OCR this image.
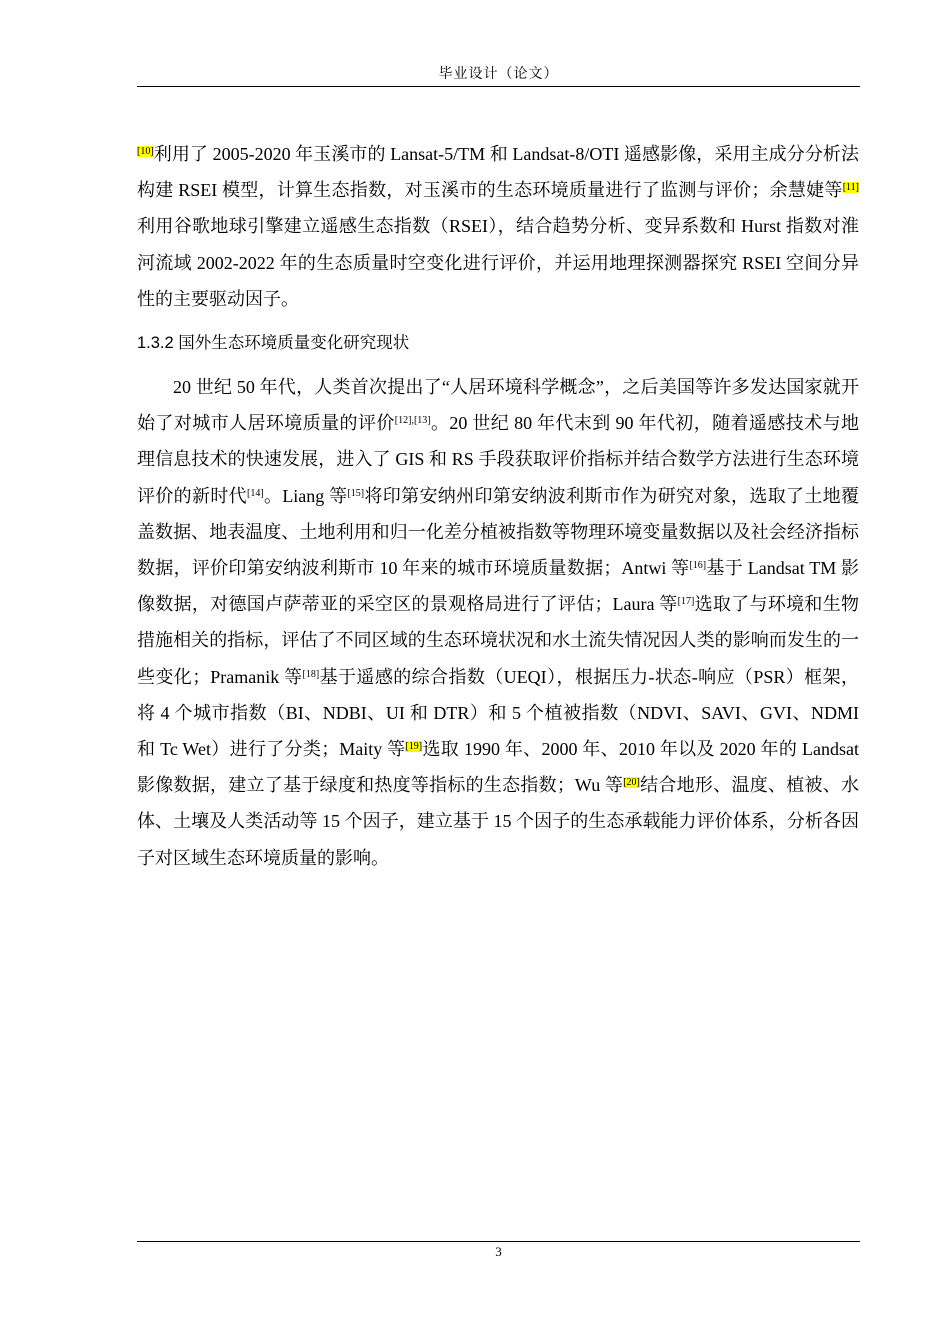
毕业设计（论文）

[10]利用了 2005-2020 年玉溪市的 Lansat-5/TM 和 Landsat-8/OTI 遥感影像，采用主成分分析法构建 RSEI 模型，计算生态指数，对玉溪市的生态环境质量进行了监测与评价；余慧婕等[11]利用谷歌地球引擎建立遥感生态指数（RSEI），结合趋势分析、变异系数和 Hurst 指数对淮河流域 2002-2022 年的生态质量时空变化进行评价，并运用地理探测器探究 RSEI 空间分异性的主要驱动因子。

1.3.2 国外生态环境质量变化研究现状

20 世纪 50 年代，人类首次提出了“人居环境科学概念”，之后美国等许多发达国家就开始了对城市人居环境质量的评价[12],[13]。20 世纪 80 年代末到 90 年代初，随着遥感技术与地理信息技术的快速发展，进入了 GIS 和 RS 手段获取评价指标并结合数学方法进行生态环境评价的新时代[14]。Liang 等[15]将印第安纳州印第安纳波利斯市作为研究对象，选取了土地覆盖数据、地表温度、土地利用和归一化差分植被指数等物理环境变量数据以及社会经济指标数据，评价印第安纳波利斯市 10 年来的城市环境质量数据；Antwi 等[16]基于 Landsat TM 影像数据，对德国卢萨蒂亚的采空区的景观格局进行了评估；Laura 等[17]选取了与环境和生物措施相关的指标，评估了不同区域的生态环境状况和水土流失情况因人类的影响而发生的一些变化；Pramanik 等[18]基于遥感的综合指数（UEQI），根据压力-状态-响应（PSR）框架，将 4 个城市指数（BI、NDBI、UI 和 DTR）和 5 个植被指数（NDVI、SAVI、GVI、NDMI 和 Tc Wet）进行了分类；Maity 等[19]选取 1990 年、2000 年、2010 年以及 2020 年的 Landsat 影像数据，建立了基于绿度和热度等指标的生态指数；Wu 等[20]结合地形、温度、植被、水体、土壤及人类活动等 15 个因子，建立基于 15 个因子的生态承载能力评价体系，分析各因子对区域生态环境质量的影响。

3
